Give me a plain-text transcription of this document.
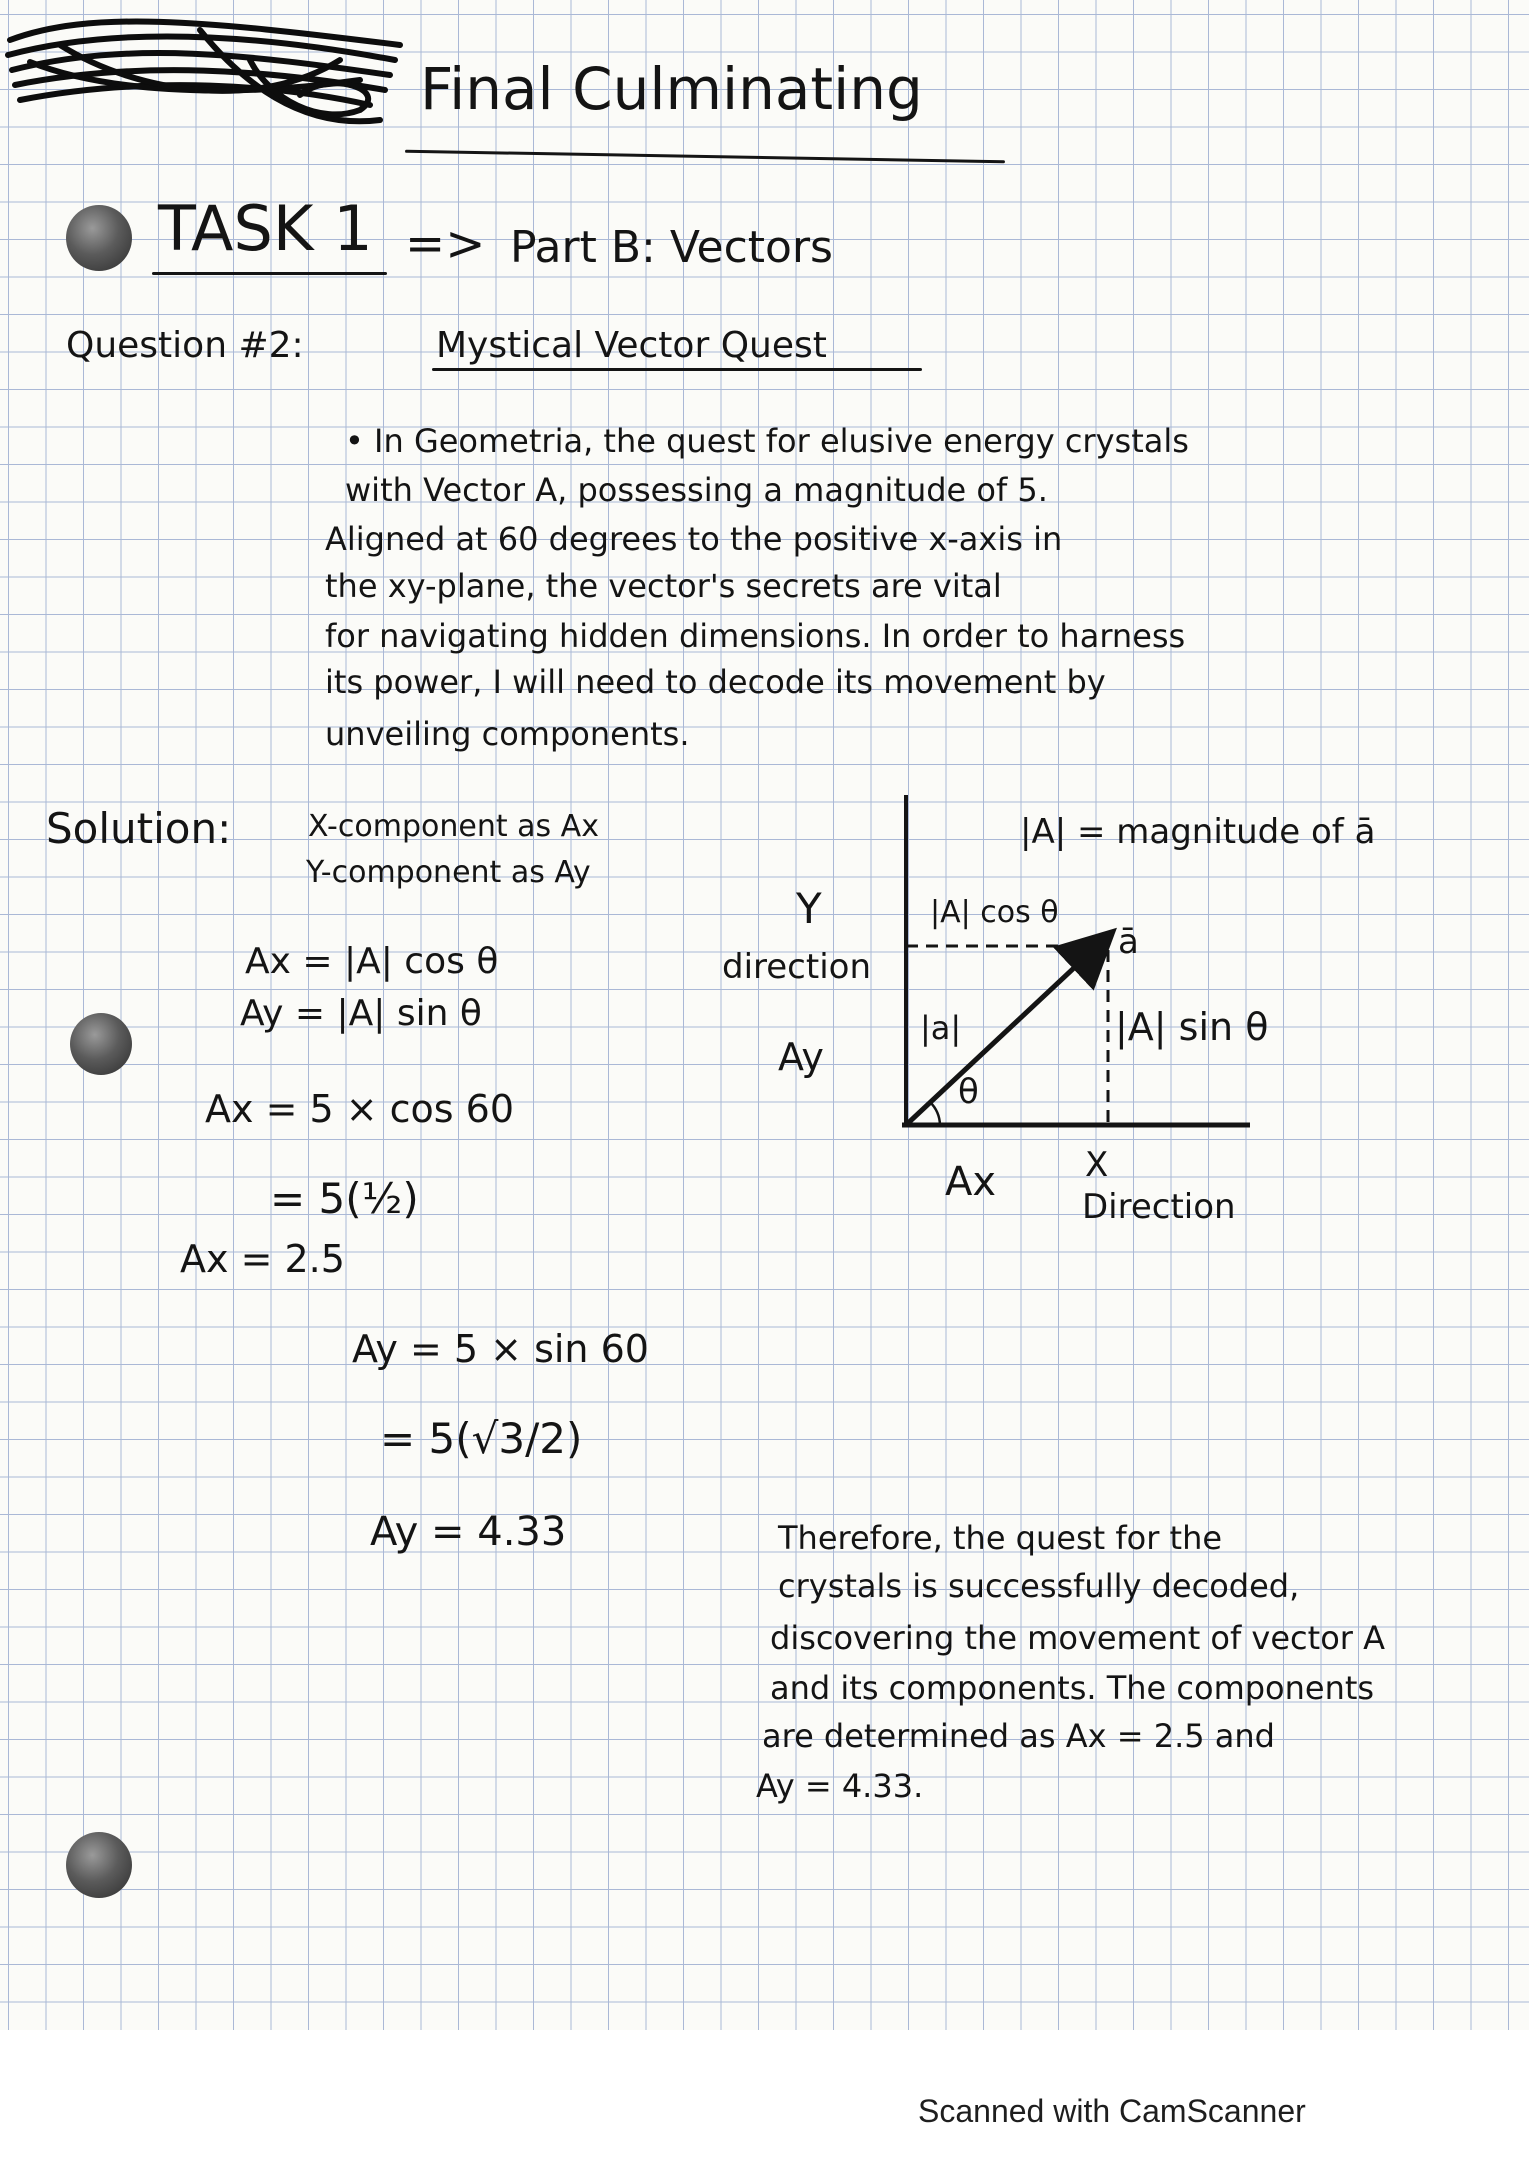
Final Culminating
TASK 1 => Part B: Vectors
Question #2:	Mystical Vector Quest
• In Geometria, the quest for elusive energy crystals
with Vector A, possessing a magnitude of 5.
Aligned at 60 degrees to the positive x-axis in
the xy-plane, the vector's secrets are vital
for navigating hidden dimensions. In order to harness
its power, I will need to decode its movement by
unveiling components.
Solution:	X-component as Ax
Y-component as Ay
Ax = |A| cos θ
Ay = |A| sin θ
Ax = 5 × cos 60
= 5(½)
Ax = 2.5
Ay = 5 × sin 60
= 5(√3/2)
Ay = 4.33
|A| = magnitude of ā
Y
direction
Ay
|A| cos θ
ā
|A| sin θ
|a|
θ
Ax	X
Direction
Therefore, the quest for the
crystals is successfully decoded,
discovering the movement of vector A
and its components. The components
are determined as Ax = 2.5 and
Ay = 4.33.
Scanned with CamScanner
